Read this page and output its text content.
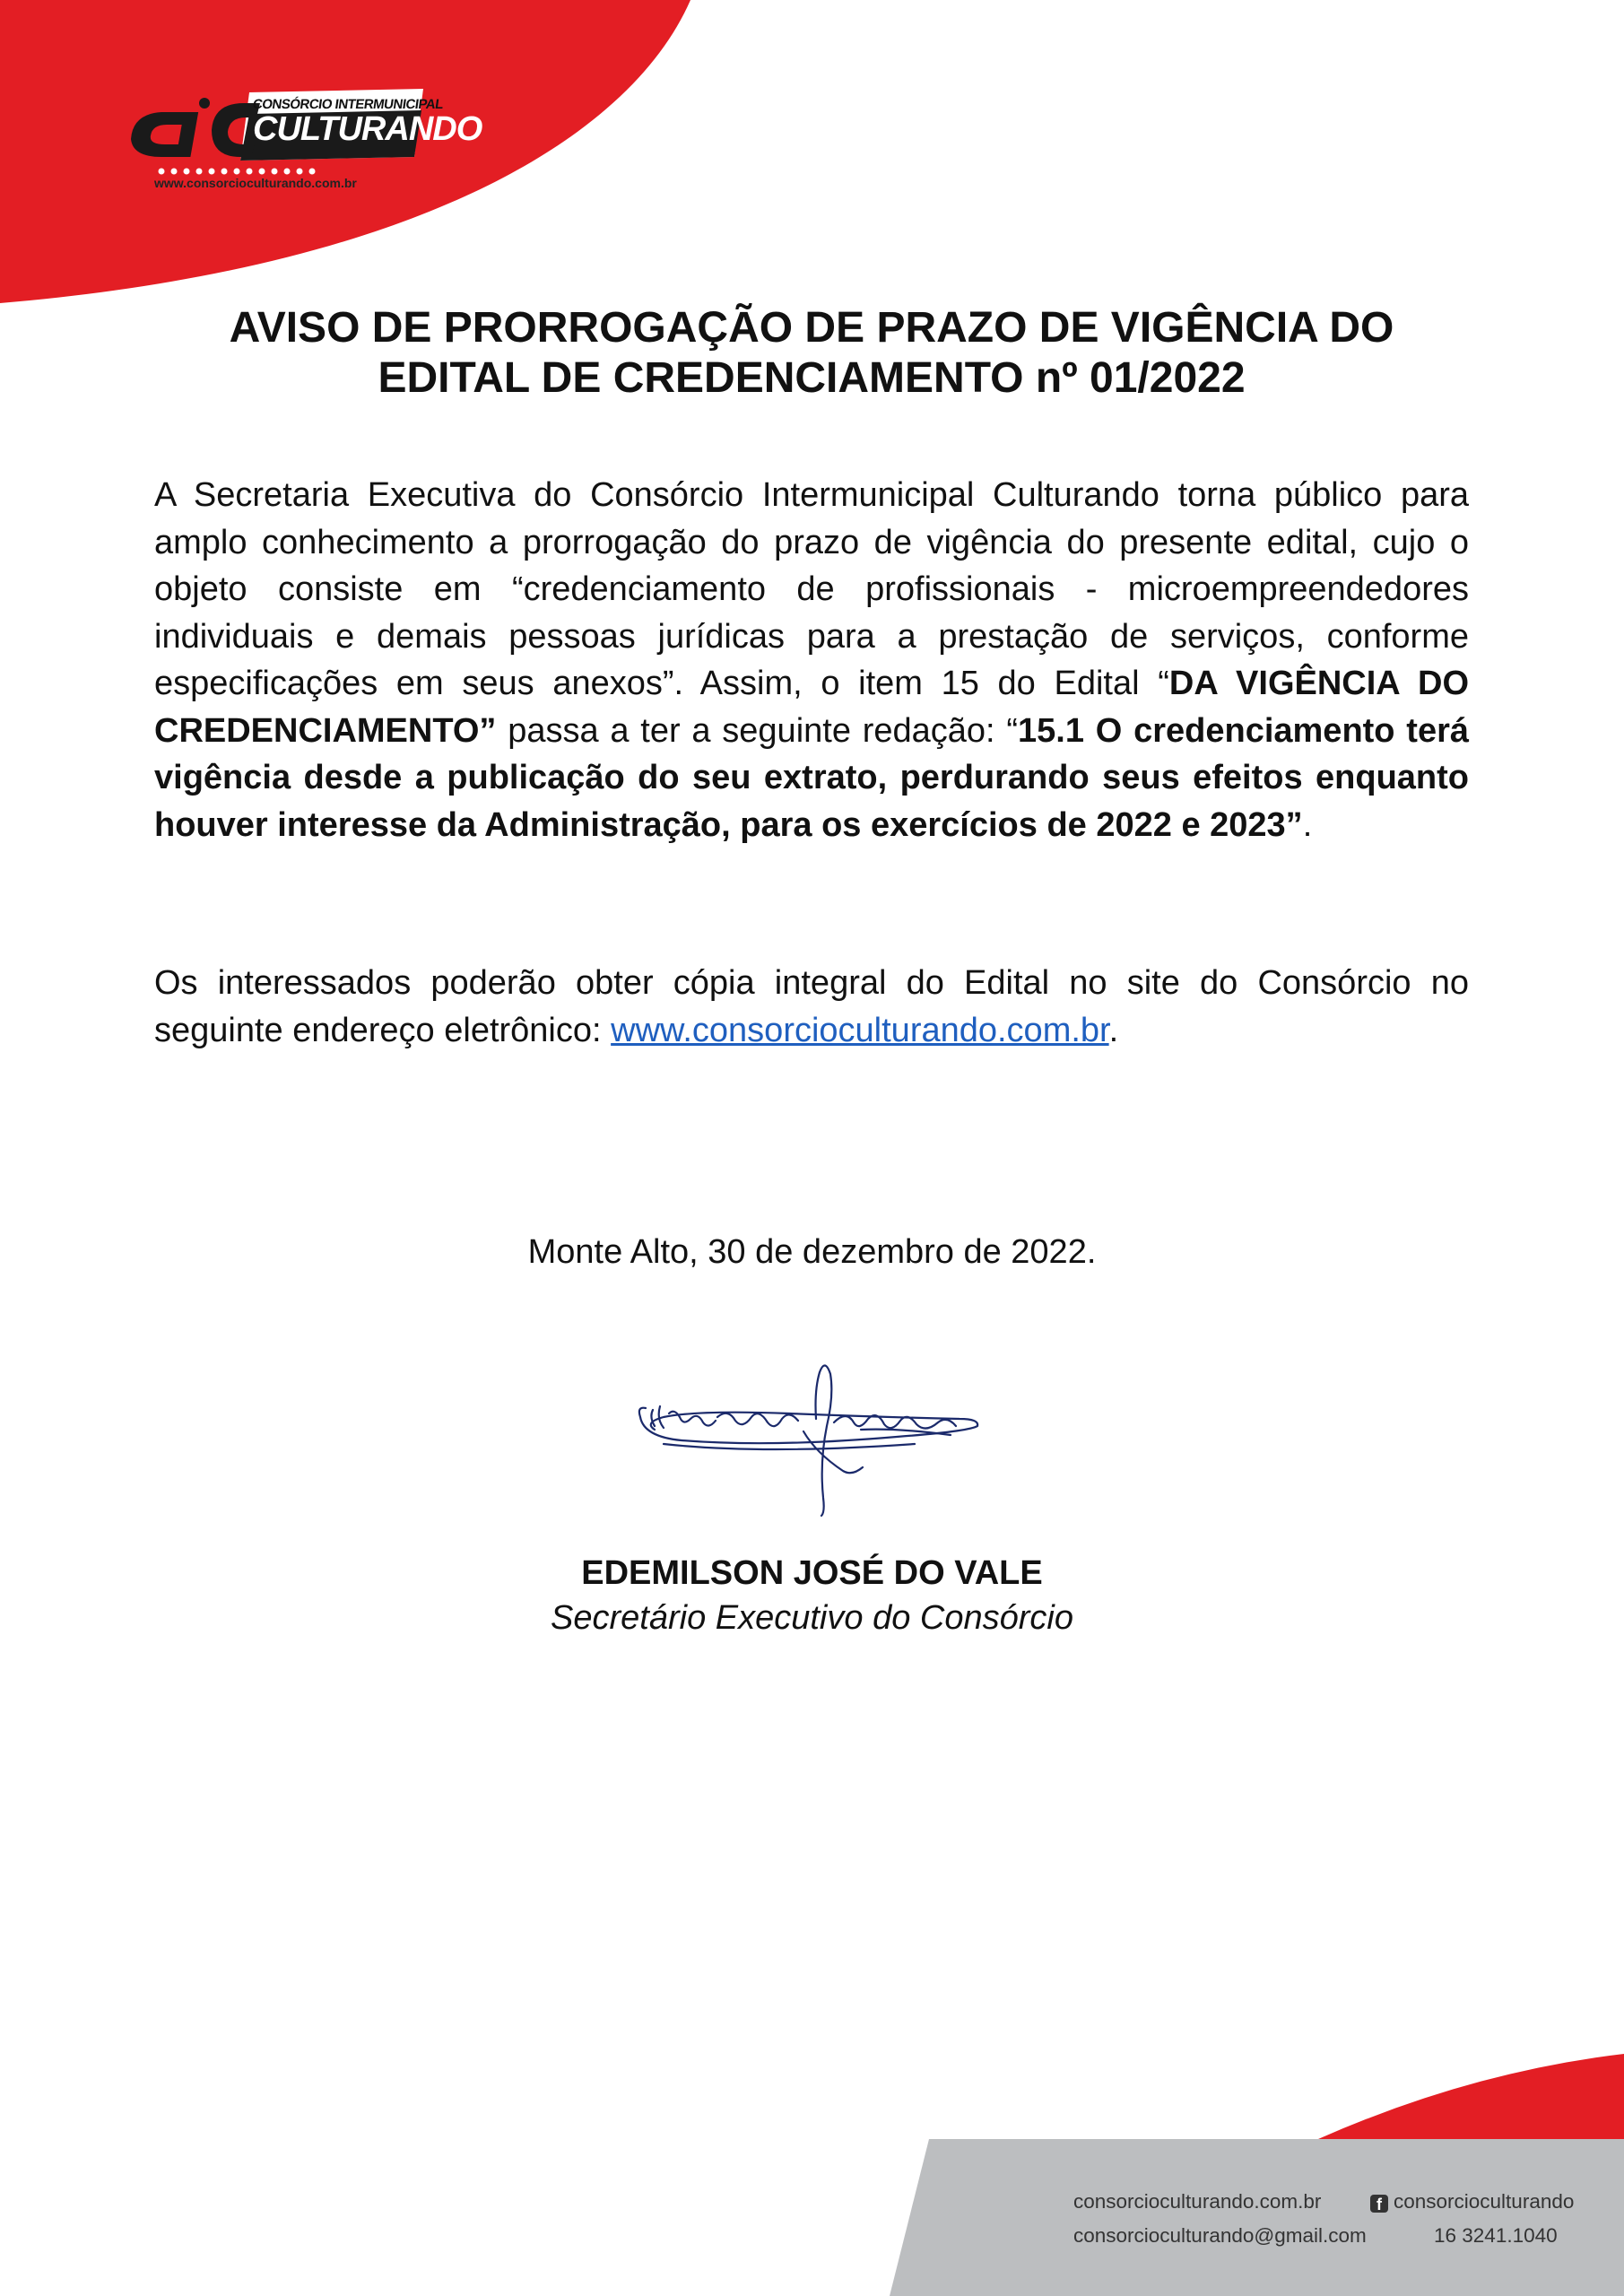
CONSÓRCIO INTERMUNICIPAL
CULTURANDO
www.consorcioculturando.com.br
AVISO DE PRORROGAÇÃO DE PRAZO DE VIGÊNCIA DO
EDITAL DE CREDENCIAMENTO nº 01/2022
A Secretaria Executiva do Consórcio Intermunicipal Culturando torna público para amplo conhecimento a prorrogação do prazo de vigência do presente edital, cujo o objeto consiste em “credenciamento de profissionais - microempreendedores individuais e demais pessoas jurídicas para a prestação de serviços, conforme especificações em seus anexos”. Assim, o item 15 do Edital “DA VIGÊNCIA DO CREDENCIAMENTO” passa a ter a seguinte redação: “15.1 O credenciamento terá vigência desde a publicação do seu extrato, perdurando seus efeitos enquanto houver interesse da Administração, para os exercícios de 2022 e 2023”.
Os interessados poderão obter cópia integral do Edital no site do Consórcio no seguinte endereço eletrônico: www.consorcioculturando.com.br.
Monte Alto, 30 de dezembro de 2022.
EDEMILSON JOSÉ DO VALE
Secretário Executivo do Consórcio
consorcioculturando.com.br	f consorcioculturando
consorcioculturando@gmail.com	16 3241.1040
